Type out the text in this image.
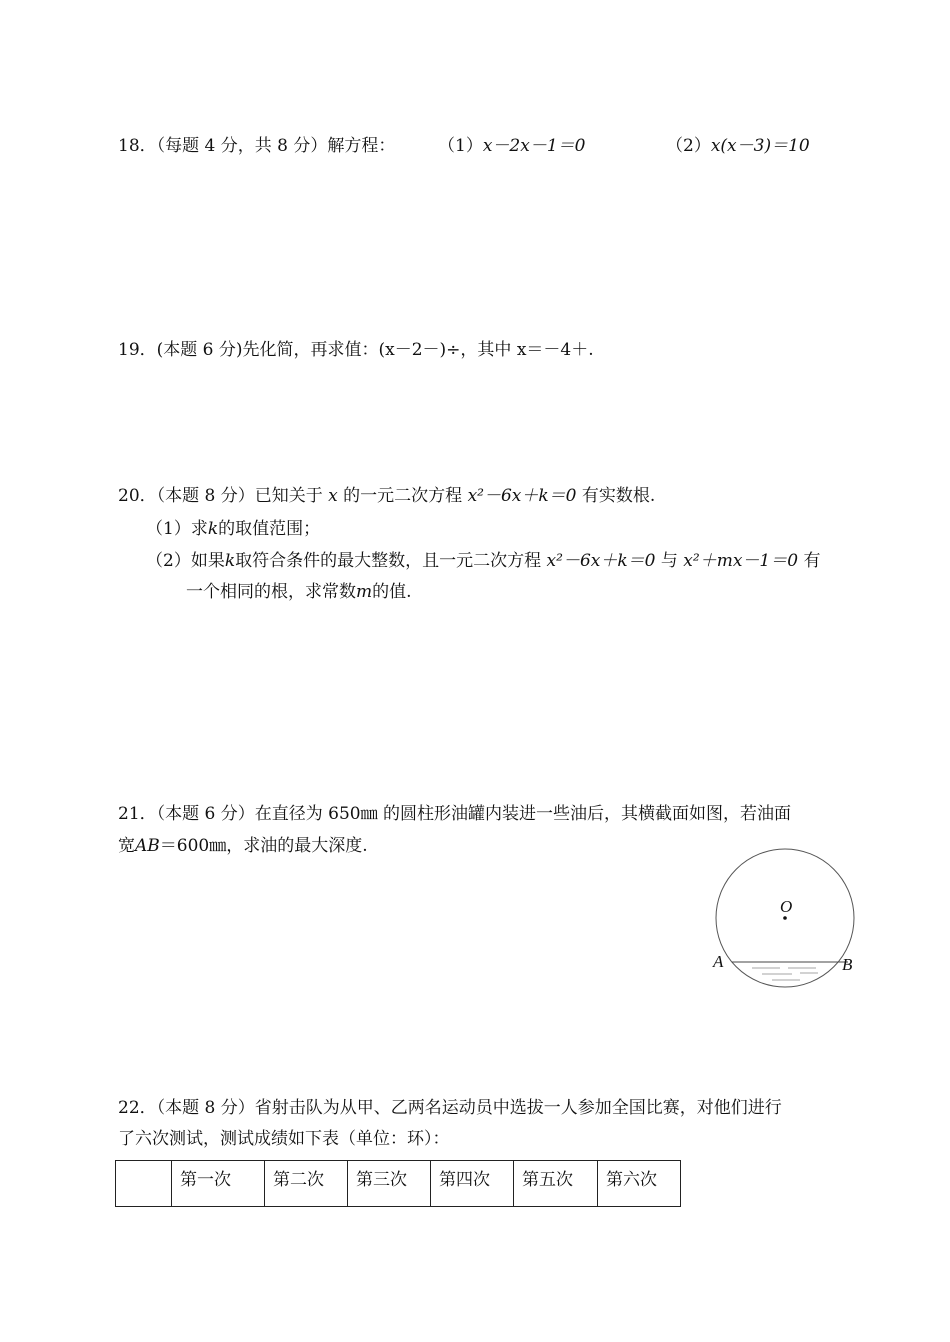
18．（每题 4 分，共 8 分）解方程：	（1）x－2x－1＝0	（2）x(x－3)＝10
19．(本题 6 分)先化简，再求值：(x－2－)÷，其中 x＝－4＋.
20．（本题 8 分）已知关于 x 的一元二次方程 x²－6x＋k＝0 有实数根.
（1）求k的取值范围；
（2）如果k取符合条件的最大整数，且一元二次方程 x²－6x＋k＝0 与 x²＋mx－1＝0 有
一个相同的根，求常数m的值.
21．（本题 6 分）在直径为 650㎜ 的圆柱形油罐内装进一些油后，其横截面如图，若油面
宽AB＝600㎜，求油的最大深度.
O
A	B
22．（本题 8 分）省射击队为从甲、乙两名运动员中选拔一人参加全国比赛，对他们进行
了六次测试，测试成绩如下表（单位：环）：
	第一次	第二次	第三次	第四次	第五次	第六次
